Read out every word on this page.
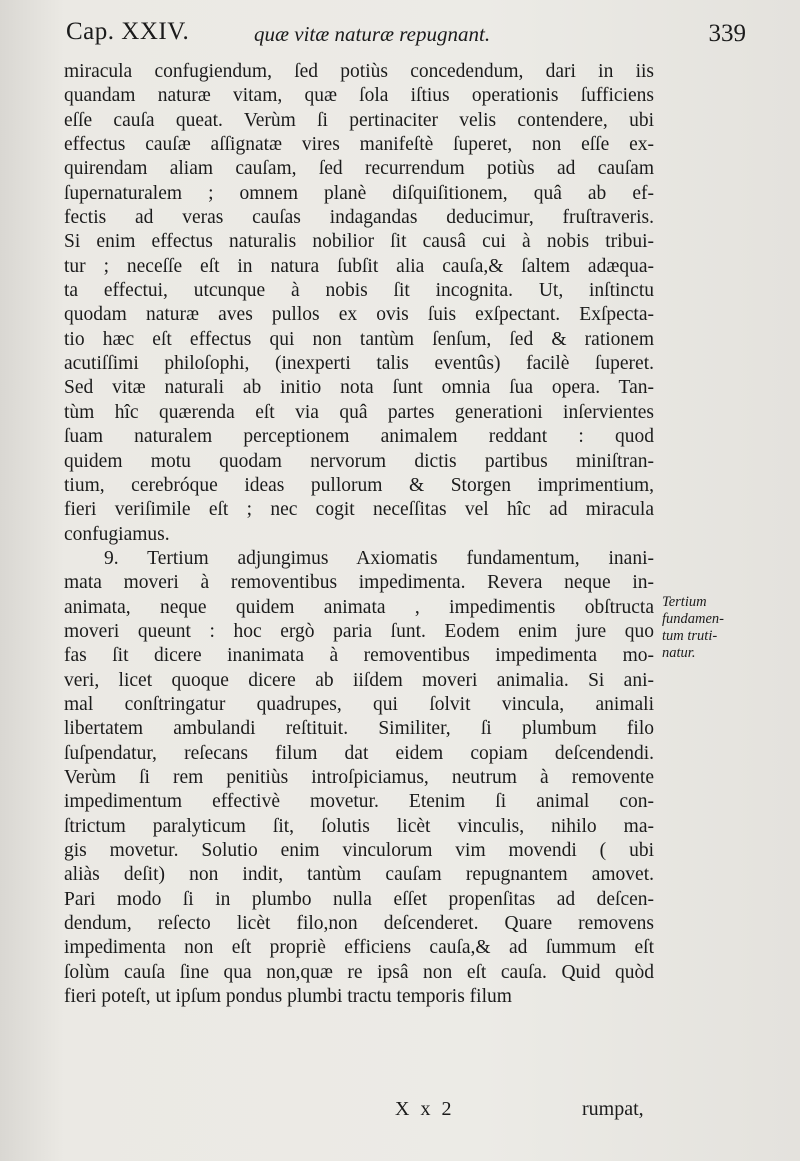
Cap. XXIV.	quæ vitæ naturæ repugnant.	339
miracula confugiendum, ſed potiùs concedendum, dari in iis
quandam naturæ vitam, quæ ſola iſtius operationis ſufficiens
eſſe cauſa queat. Verùm ſi pertinaciter velis contendere, ubi
effectus cauſæ aſſignatæ vires manifeſtè ſuperet, non eſſe ex-
quirendam aliam cauſam, ſed recurrendum potiùs ad cauſam
ſupernaturalem ; omnem planè diſquiſitionem, quâ ab ef-
fectis ad veras cauſas indagandas deducimur, fruſtraveris.
Si enim effectus naturalis nobilior ſit causâ cui à nobis tribui-
tur ; neceſſe eſt in natura ſubſit alia cauſa,& ſaltem adæqua-
ta effectui, utcunque à nobis ſit incognita. Ut, inſtinctu
quodam naturæ aves pullos ex ovis ſuis exſpectant. Exſpecta-
tio hæc eſt effectus qui non tantùm ſenſum, ſed & rationem
acutiſſimi philoſophi, (inexperti talis eventûs) facilè ſuperet.
Sed vitæ naturali ab initio nota ſunt omnia ſua opera. Tan-
tùm hîc quærenda eſt via quâ partes generationi inſervientes
ſuam naturalem perceptionem animalem reddant : quod
quidem motu quodam nervorum dictis partibus miniſtran-
tium, cerebróque ideas pullorum & Storgen imprimentium,
fieri veriſimile eſt ; nec cogit neceſſitas vel hîc ad miracula
confugiamus.
9. Tertium adjungimus Axiomatis fundamentum, inani-
mata moveri à removentibus impedimenta. Revera neque in-
animata, neque quidem animata , impedimentis obſtructa
moveri queunt : hoc ergò paria ſunt. Eodem enim jure quo
fas ſit dicere inanimata à removentibus impedimenta mo-
veri, licet quoque dicere ab iiſdem moveri animalia. Si ani-
mal conſtringatur quadrupes, qui ſolvit vincula, animali
libertatem ambulandi reſtituit. Similiter, ſi plumbum filo
ſuſpendatur, reſecans filum dat eidem copiam deſcendendi.
Verùm ſi rem penitiùs introſpiciamus, neutrum à removente
impedimentum effectivè movetur. Etenim ſi animal con-
ſtrictum paralyticum ſit, ſolutis licèt vinculis, nihilo ma-
gis movetur. Solutio enim vinculorum vim movendi ( ubi
aliàs deſit) non indit, tantùm cauſam repugnantem amovet.
Pari modo ſi in plumbo nulla eſſet propenſitas ad deſcen-
dendum, reſecto licèt filo,non deſcenderet. Quare removens
impedimenta non eſt propriè efficiens cauſa,& ad ſummum eſt
ſolùm cauſa ſine qua non,quæ re ipsâ non eſt cauſa. Quid quòd
fieri poteſt, ut ipſum pondus plumbi tractu temporis filum
Tertium
fundamen-
tum truti-
natur.
X x 2	rumpat,
